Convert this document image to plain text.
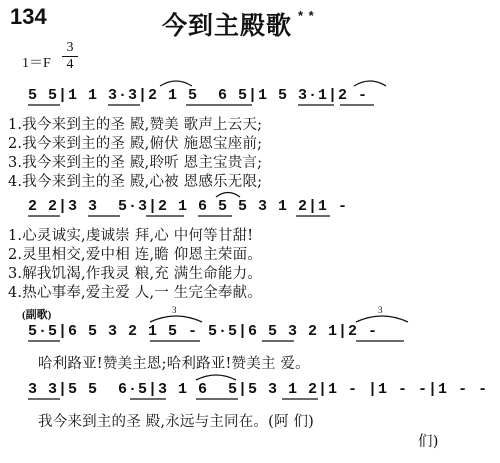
134	今到主殿歌 * *
1＝F
3
4
5 5|1 1 3·3|2 1 5  6 5|1 5 3·1|2 -
1.我今来到主的圣 殿,赞美 歌声上云天;
2.我今来到主的圣 殿,俯伏 施恩宝座前;
3.我今来到主的圣 殿,聆听 恩主宝贵言;
4.我今来到主的圣 殿,心被 恩感乐无限;
2 2|3 3  5·3|2 1 6 5 5 3 1 2|1 -
1.心灵诚实,虔诚崇 拜,心 中何等甘甜!
2.灵里相交,爱中相 连,瞻 仰恩主荣面。
3.解我饥渴,作我灵 粮,充 满生命能力。
4.热心事奉,爱主爱 人,一 生完全奉献。
(副歌)
5·5|6 5 3 2 1 5 - 5·5|6 5 3 2 1|2 -
哈利路亚!赞美主恩;哈利路亚!赞美主 爱。
3 3|5 5  6·5|3 1 6  5|5 3 1 2|1 - |1 - -|1 - -
我今来到主的圣 殿,永远与主同在。(阿 们)
们)
3	3
